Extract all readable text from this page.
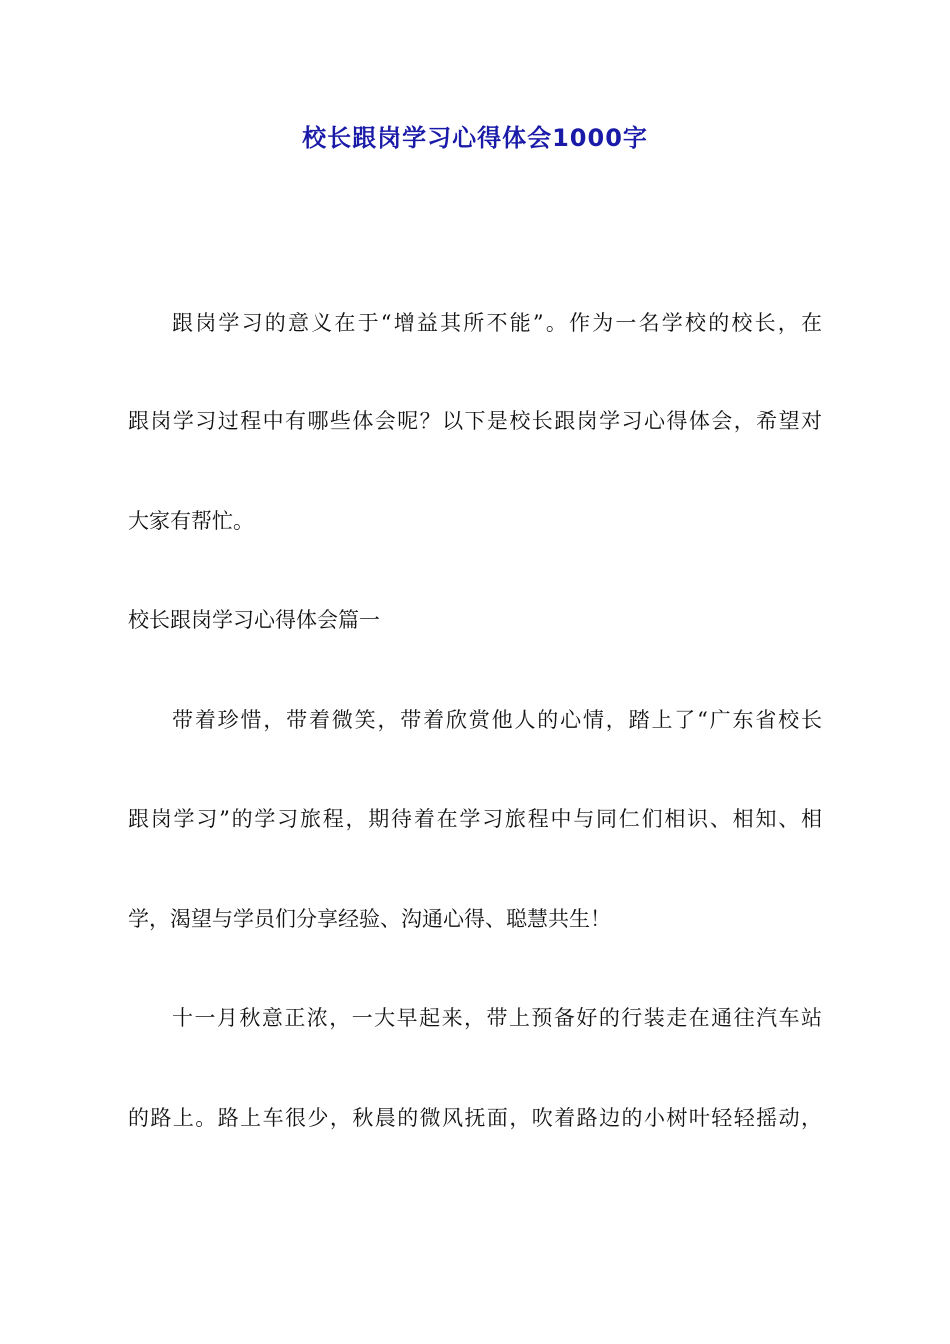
校长跟岗学习心得体会1000字
跟岗学习的意义在于“增益其所不能”。作为一名学校的校长，在
跟岗学习过程中有哪些体会呢？以下是校长跟岗学习心得体会，希望对
大家有帮忙。
校长跟岗学习心得体会篇一
带着珍惜，带着微笑，带着欣赏他人的心情，踏上了“广东省校长
跟岗学习”的学习旅程，期待着在学习旅程中与同仁们相识、相知、相
学，渴望与学员们分享经验、沟通心得、聪慧共生！
十一月秋意正浓，一大早起来，带上预备好的行装走在通往汽车站
的路上。路上车很少，秋晨的微风抚面，吹着路边的小树叶轻轻摇动，
